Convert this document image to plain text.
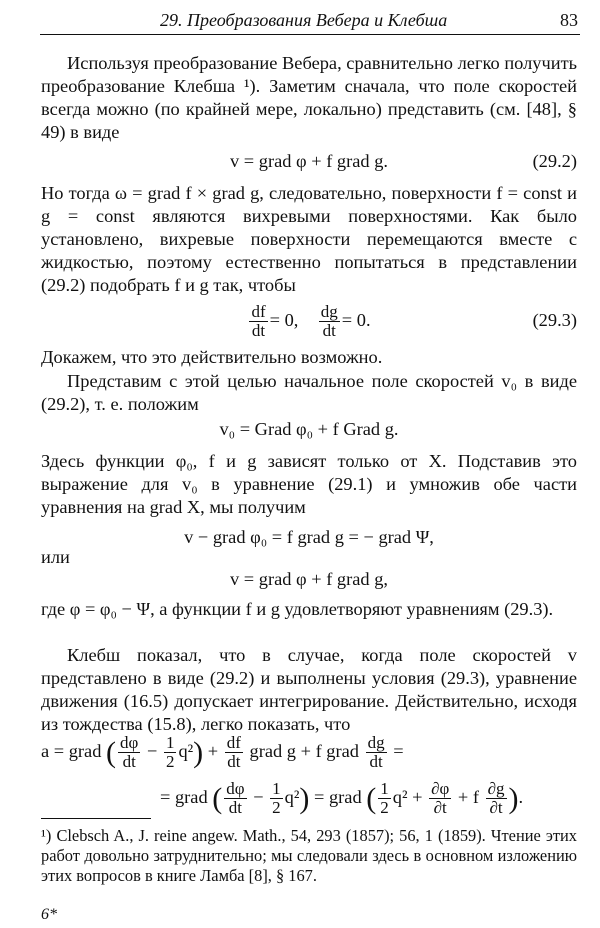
29. Преобразования Вебера и Клебша	83

Используя преобразование Вебера, сравнительно легко получить преобразование Клебша ¹). Заметим сначала, что поле скоростей всегда можно (по крайней мере, локально) представить (см. [48], § 49) в виде

v = grad φ + f grad g.	(29.2)

Но тогда ω = grad f × grad g, следовательно, поверхности f = const и g = const являются вихревыми поверхностями. Как было установлено, вихревые поверхности перемещаются вместе с жидкостью, поэтому естественно попытаться в представлении (29.2) подобрать f и g так, чтобы

$\frac{df}{dt} = 0$, $\frac{dg}{dt} = 0$.	(29.3)

Докажем, что это действительно возможно.

Представим с этой целью начальное поле скоростей v₀ в виде (29.2), т. е. положим

v₀ = Grad φ₀ + f Grad g.

Здесь функции φ₀, f и g зависят только от X. Подставив это выражение для v₀ в уравнение (29.1) и умножив обе части уравнения на grad X, мы получим

v − grad φ₀ = f grad g = − grad Ψ,

или

v = grad φ + f grad g,

где φ = φ₀ − Ψ, а функции f и g удовлетворяют уравнениям (29.3).

Клебш показал, что в случае, когда поле скоростей v представлено в виде (29.2) и выполнены условия (29.3), уравнение движения (16.5) допускает интегрирование. Действительно, исходя из тождества (15.8), легко показать, что

a = grad ( $\frac{d\varphi}{dt} - \frac{1}{2} q^2) + \frac{df}{dt}$ grad g + f grad $\frac{dg}{dt}$ =
= grad ( $\frac{d\varphi}{dt} - \frac{1}{2} q^2$) = grad ( $\frac{1}{2} q^2 + \frac{\partial\varphi}{\partial t} + f \frac{\partial g}{\partial t}$ ).

¹) Clebsch A., J. reine angew. Math., 54, 293 (1857); 56, 1 (1859). Чтение этих работ довольно затруднительно; мы следовали здесь в основном изложению этих вопросов в книге Ламба [8], § 167.

6*
